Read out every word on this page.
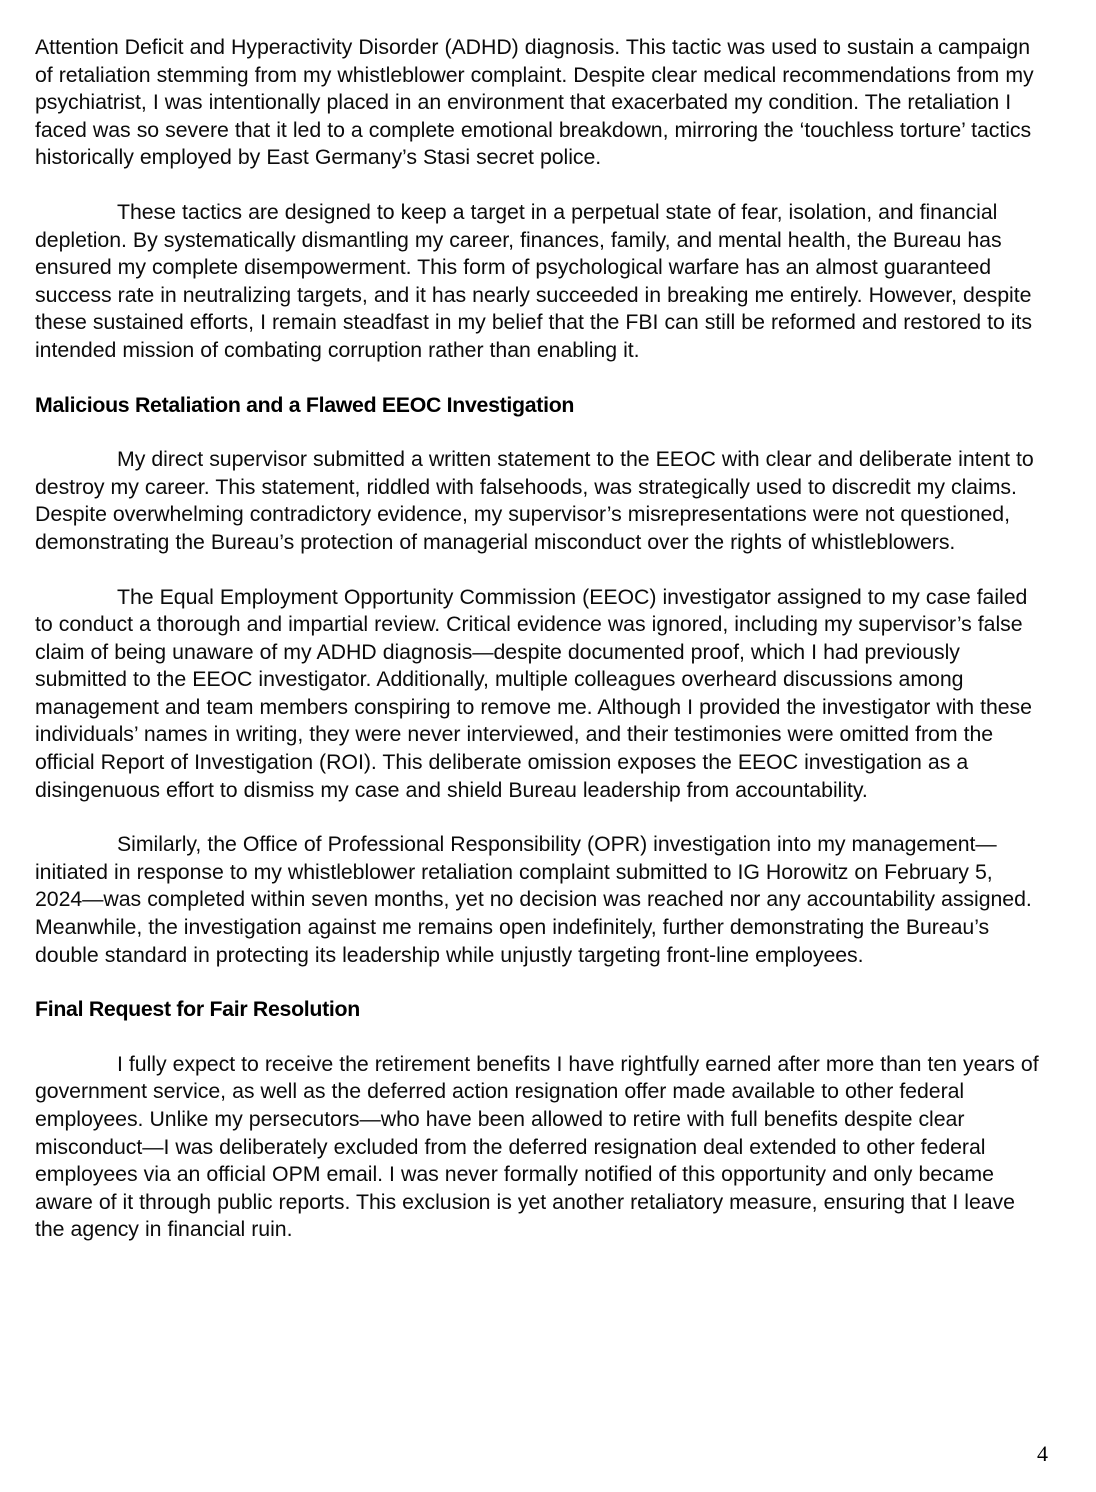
Attention Deficit and Hyperactivity Disorder (ADHD) diagnosis. This tactic was used to sustain a campaign of retaliation stemming from my whistleblower complaint. Despite clear medical recommendations from my psychiatrist, I was intentionally placed in an environment that exacerbated my condition. The retaliation I faced was so severe that it led to a complete emotional breakdown, mirroring the ‘touchless torture’ tactics historically employed by East Germany’s Stasi secret police.

These tactics are designed to keep a target in a perpetual state of fear, isolation, and financial depletion. By systematically dismantling my career, finances, family, and mental health, the Bureau has ensured my complete disempowerment. This form of psychological warfare has an almost guaranteed success rate in neutralizing targets, and it has nearly succeeded in breaking me entirely. However, despite these sustained efforts, I remain steadfast in my belief that the FBI can still be reformed and restored to its intended mission of combating corruption rather than enabling it.

Malicious Retaliation and a Flawed EEOC Investigation

My direct supervisor submitted a written statement to the EEOC with clear and deliberate intent to destroy my career. This statement, riddled with falsehoods, was strategically used to discredit my claims. Despite overwhelming contradictory evidence, my supervisor’s misrepresentations were not questioned, demonstrating the Bureau’s protection of managerial misconduct over the rights of whistleblowers.

The Equal Employment Opportunity Commission (EEOC) investigator assigned to my case failed to conduct a thorough and impartial review. Critical evidence was ignored, including my supervisor’s false claim of being unaware of my ADHD diagnosis—despite documented proof, which I had previously submitted to the EEOC investigator. Additionally, multiple colleagues overheard discussions among management and team members conspiring to remove me. Although I provided the investigator with these individuals’ names in writing, they were never interviewed, and their testimonies were omitted from the official Report of Investigation (ROI). This deliberate omission exposes the EEOC investigation as a disingenuous effort to dismiss my case and shield Bureau leadership from accountability.

Similarly, the Office of Professional Responsibility (OPR) investigation into my management—initiated in response to my whistleblower retaliation complaint submitted to IG Horowitz on February 5, 2024—was completed within seven months, yet no decision was reached nor any accountability assigned. Meanwhile, the investigation against me remains open indefinitely, further demonstrating the Bureau’s double standard in protecting its leadership while unjustly targeting front-line employees.

Final Request for Fair Resolution

I fully expect to receive the retirement benefits I have rightfully earned after more than ten years of government service, as well as the deferred action resignation offer made available to other federal employees. Unlike my persecutors—who have been allowed to retire with full benefits despite clear misconduct—I was deliberately excluded from the deferred resignation deal extended to other federal employees via an official OPM email. I was never formally notified of this opportunity and only became aware of it through public reports. This exclusion is yet another retaliatory measure, ensuring that I leave the agency in financial ruin.

4
